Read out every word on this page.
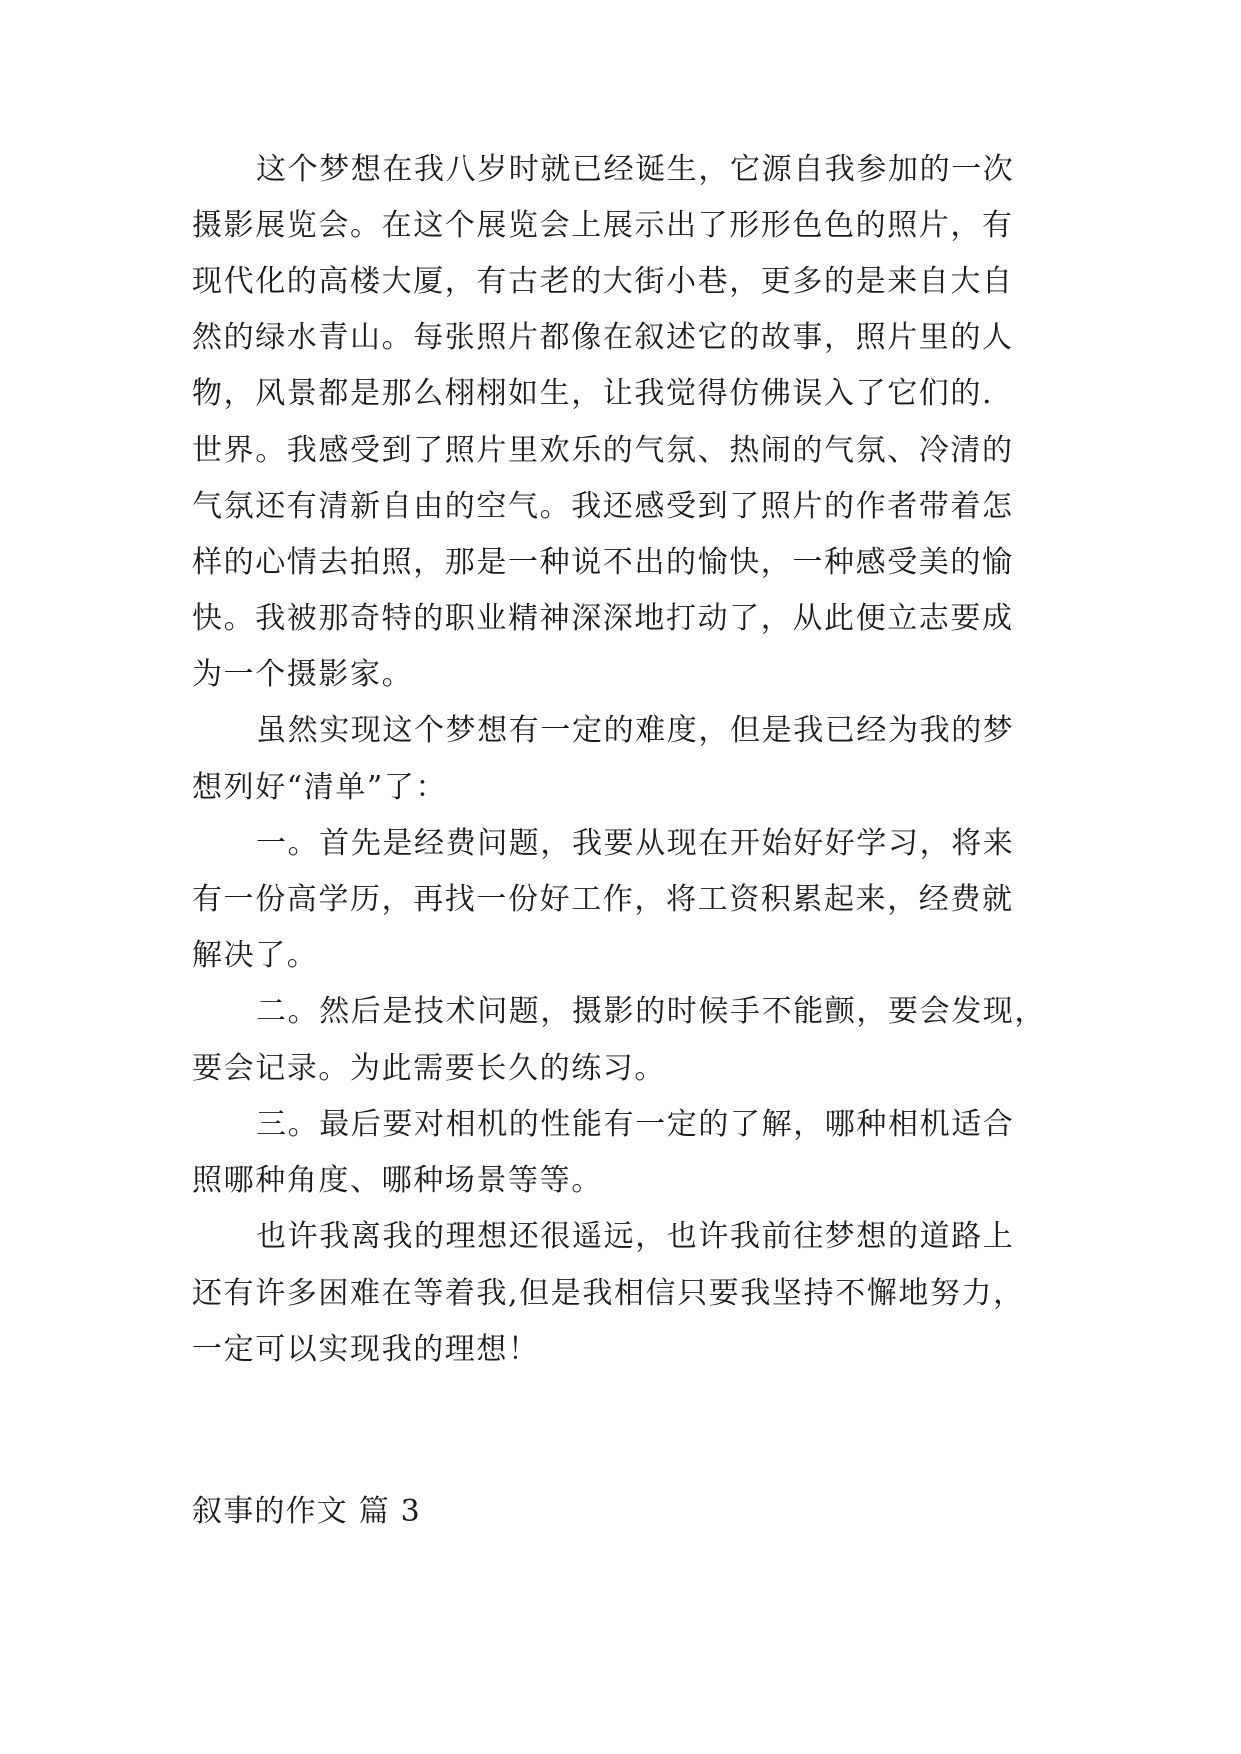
这个梦想在我八岁时就已经诞生，它源自我参加的一次
摄影展览会。在这个展览会上展示出了形形色色的照片，有
现代化的高楼大厦，有古老的大街小巷，更多的是来自大自
然的绿水青山。每张照片都像在叙述它的故事，照片里的人
物，风景都是那么栩栩如生，让我觉得仿佛误入了它们的.
世界。我感受到了照片里欢乐的气氛、热闹的气氛、冷清的
气氛还有清新自由的空气。我还感受到了照片的作者带着怎
样的心情去拍照，那是一种说不出的愉快，一种感受美的愉
快。我被那奇特的职业精神深深地打动了，从此便立志要成
为一个摄影家。
虽然实现这个梦想有一定的难度，但是我已经为我的梦
想列好“清单”了：
一。首先是经费问题，我要从现在开始好好学习，将来
有一份高学历，再找一份好工作，将工资积累起来，经费就
解决了。
二。然后是技术问题，摄影的时候手不能颤，要会发现，
要会记录。为此需要长久的练习。
三。最后要对相机的性能有一定的了解，哪种相机适合
照哪种角度、哪种场景等等。
也许我离我的理想还很遥远，也许我前往梦想的道路上
还有许多困难在等着我,但是我相信只要我坚持不懈地努力，
一定可以实现我的理想！
叙事的作文 篇 3
